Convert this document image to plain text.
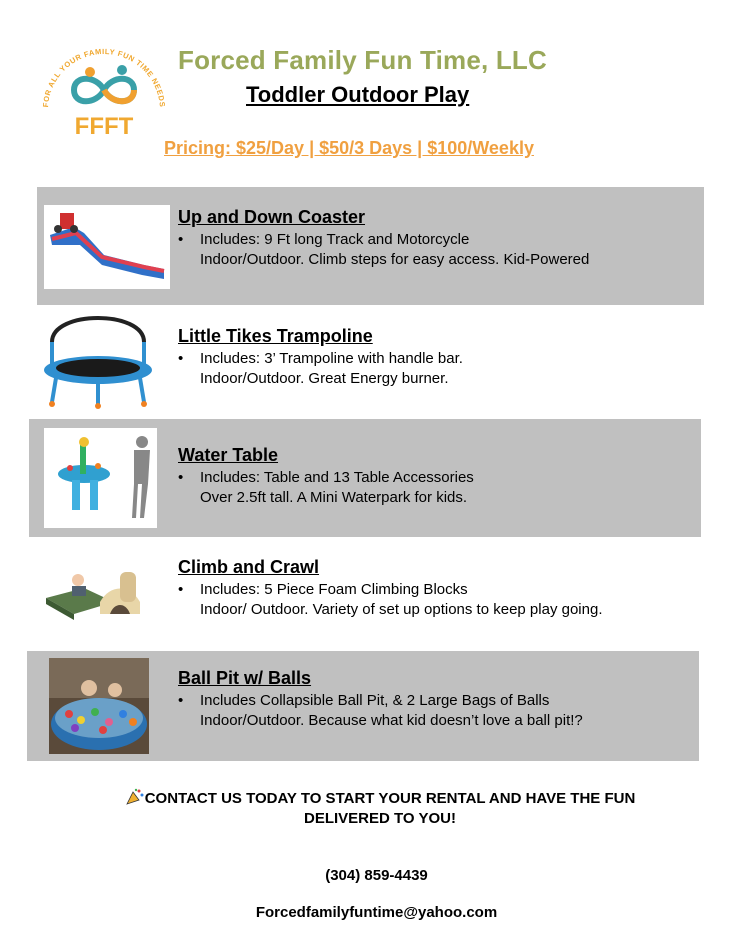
FOR ALL YOUR FAMILY FUN TIME NEEDS
FFFT
Forced Family Fun Time, LLC
Toddler Outdoor Play
Pricing: $25/Day | $50/3 Days | $100/Weekly
Up and Down Coaster
• Includes: 9 Ft long Track and Motorcycle
Indoor/Outdoor. Climb steps for easy access. Kid-Powered
Little Tikes Trampoline
• Includes: 3’ Trampoline with handle bar.
Indoor/Outdoor. Great Energy burner.
Water Table
• Includes: Table and 13 Table Accessories
Over 2.5ft tall. A Mini Waterpark for kids.
Climb and Crawl
• Includes: 5 Piece Foam Climbing Blocks
Indoor/ Outdoor. Variety of set up options to keep play going.
Ball Pit w/ Balls
• Includes Collapsible Ball Pit, & 2 Large Bags of Balls
Indoor/Outdoor. Because what kid doesn’t love a ball pit!?
CONTACT US TODAY TO START YOUR RENTAL AND HAVE THE FUN
DELIVERED TO YOU!
(304) 859-4439
Forcedfamilyfuntime@yahoo.com
